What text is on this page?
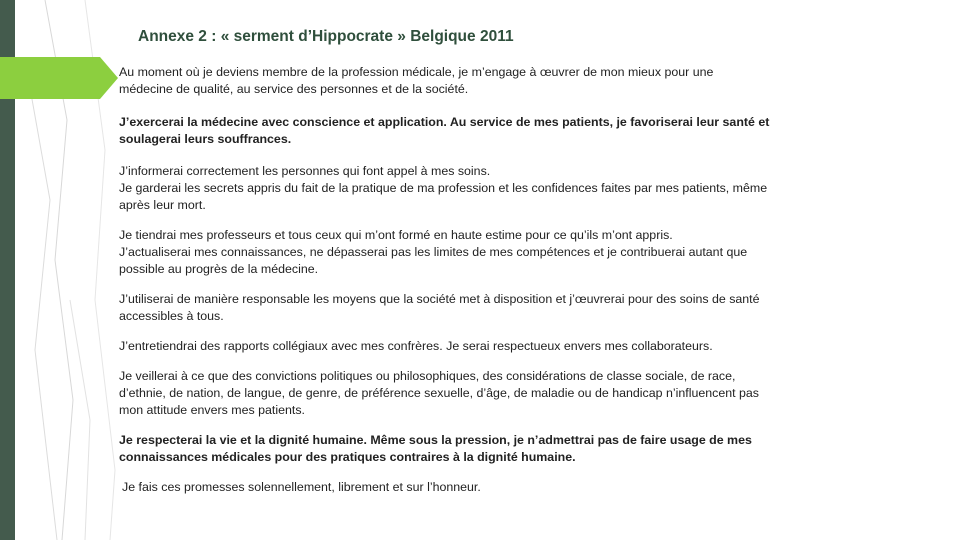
Annexe 2 : « serment d’Hippocrate » Belgique 2011
Au moment où je deviens membre de la profession médicale, je m’engage à œuvrer de mon mieux pour une
médecine de qualité, au service des personnes et de la société.
J’exercerai la médecine avec conscience et application. Au service de mes patients, je favoriserai leur santé et
soulagerai leurs souffrances.
J’informerai correctement les personnes qui font appel à mes soins.
Je garderai les secrets appris du fait de la pratique de ma profession et les confidences faites par mes patients, même
après leur mort.
Je tiendrai mes professeurs et tous ceux qui m’ont formé en haute estime pour ce qu’ils m’ont appris.
J’actualiserai mes connaissances, ne dépasserai pas les limites de mes compétences et je contribuerai autant que
possible au progrès de la médecine.
J’utiliserai de manière responsable les moyens que la société met à disposition et j’œuvrerai pour des soins de santé
accessibles à tous.
J’entretiendrai des rapports collégiaux avec mes confrères. Je serai respectueux envers mes collaborateurs.
Je veillerai à ce que des convictions politiques ou philosophiques, des considérations de classe sociale, de race,
d’ethnie, de nation, de langue, de genre, de préférence sexuelle, d’âge, de maladie ou de handicap n’influencent pas
mon attitude envers mes patients.
Je respecterai la vie et la dignité humaine. Même sous la pression, je n’admettrai pas de faire usage de mes
connaissances médicales pour des pratiques contraires à la dignité humaine.
Je fais ces promesses solennellement, librement et sur l’honneur.
